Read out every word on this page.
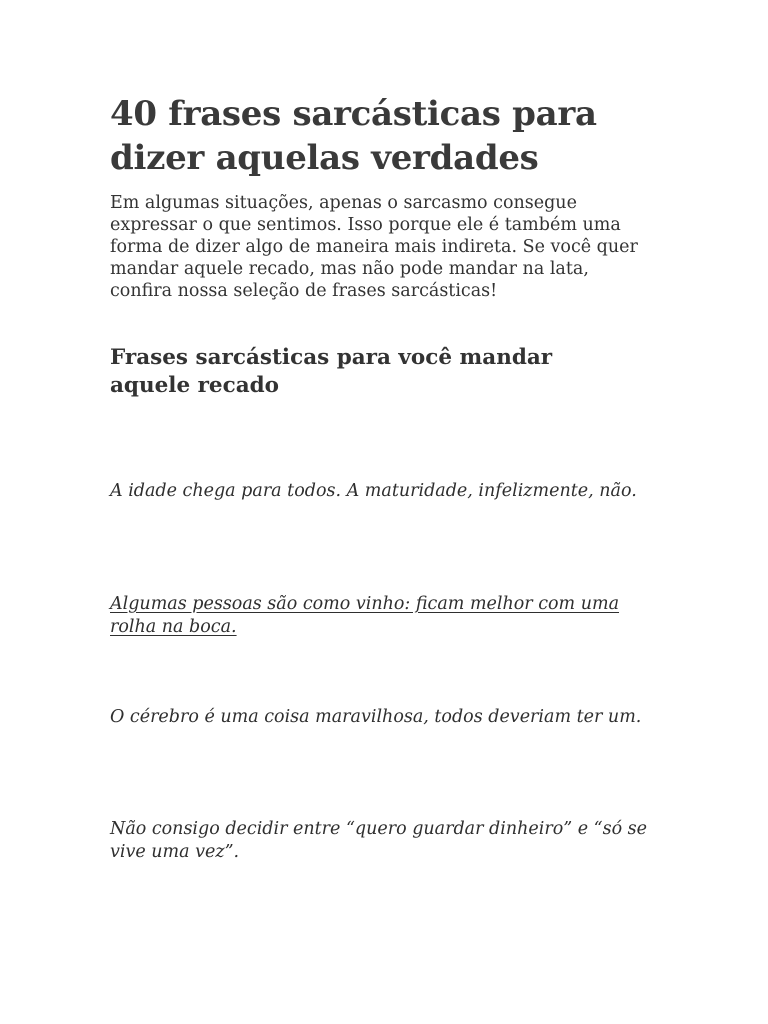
40 frases sarcásticas para dizer aquelas verdades

Em algumas situações, apenas o sarcasmo consegue expressar o que sentimos. Isso porque ele é também uma forma de dizer algo de maneira mais indireta. Se você quer mandar aquele recado, mas não pode mandar na lata, confira nossa seleção de frases sarcásticas!

Frases sarcásticas para você mandar aquele recado

A idade chega para todos. A maturidade, infelizmente, não.

Algumas pessoas são como vinho: ficam melhor com uma rolha na boca.

O cérebro é uma coisa maravilhosa, todos deveriam ter um.

Não consigo decidir entre “quero guardar dinheiro” e “só se vive uma vez”.
